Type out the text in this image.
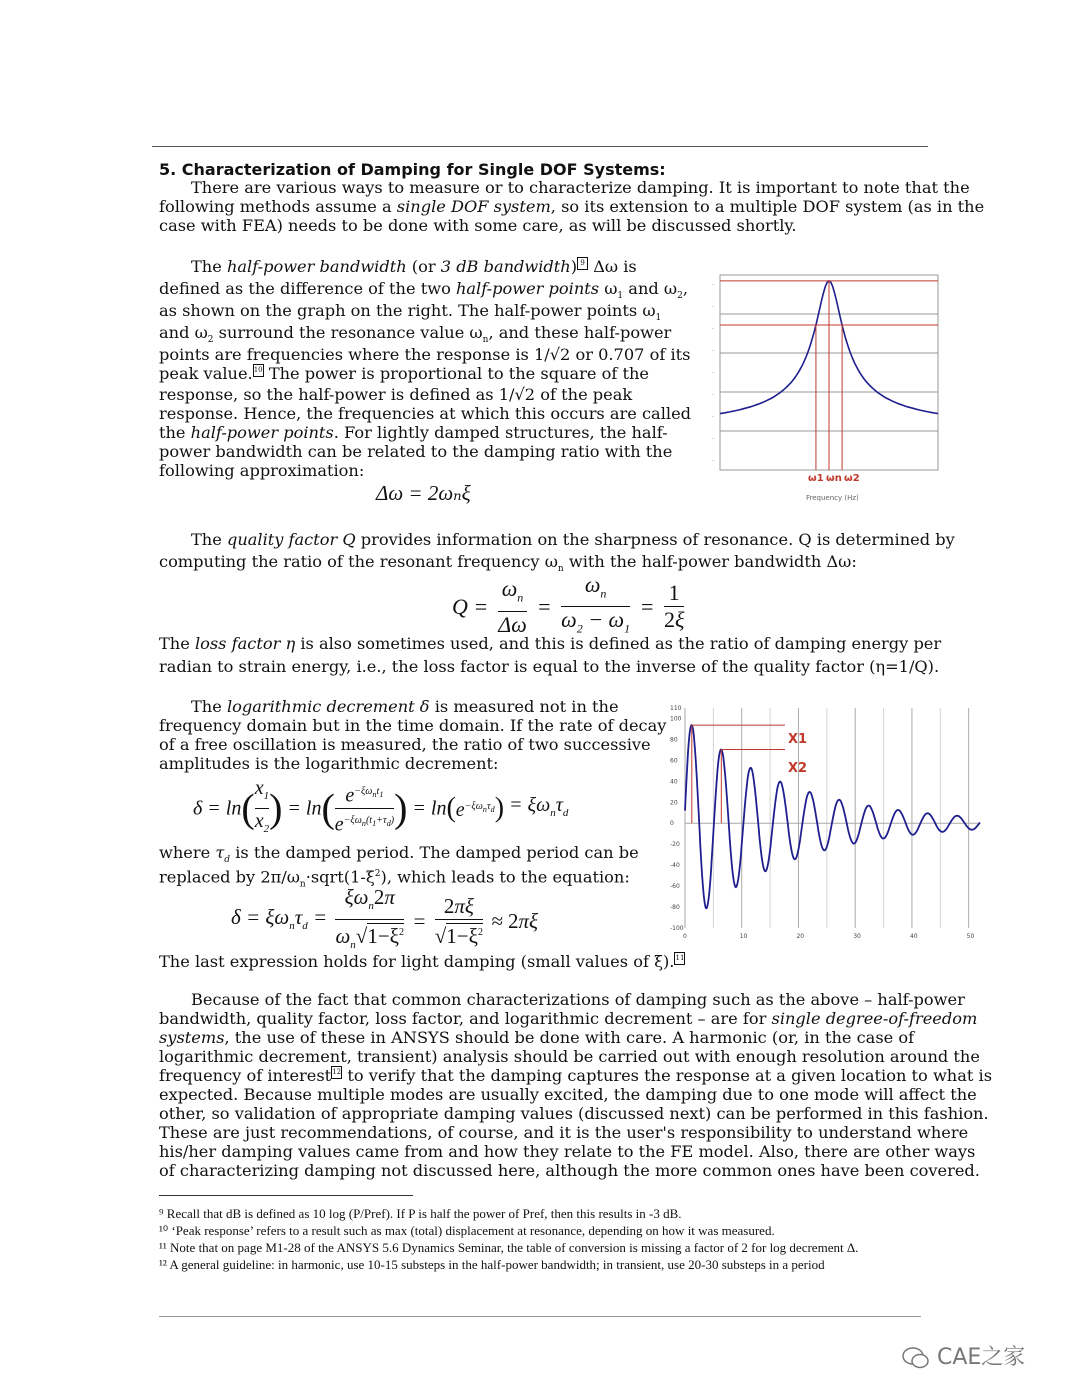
5. Characterization of Damping for Single DOF Systems:
There are various ways to measure or to characterize damping. It is important to note that the
following methods assume a single DOF system, so its extension to a multiple DOF system (as in the
case with FEA) needs to be done with some care, as will be discussed shortly.
The half-power bandwidth (or 3 dB bandwidth) 9 Δω is
defined as the difference of the two half-power points $\omega_1$ and $\omega_2$,
as shown on the graph on the right. The half-power points $\omega_1$
and $\omega_2$ surround the resonance value $\omega_n$, and these half-power
points are frequencies where the response is 1/√2 or 0.707 of its
peak value.10 The power is proportional to the square of the
response, so the half-power is defined as 1/√2 of the peak
response. Hence, the frequencies at which this occurs are called
the half-power points. For lightly damped structures, the half-
power bandwidth can be related to the damping ratio with the
following approximation:
Δω = 2ωₙξ
.
.
.
.
.
.
.
.
.
ω1 ωn ω2
Frequency (Hz)
The quality factor Q provides information on the sharpness of resonance. Q is determined by
computing the ratio of the resonant frequency $\omega_n$ with the half-power bandwidth Δω:
$Q = \frac{\omega_n}{\Delta\omega} = \frac{\omega_n}{\omega_2 - \omega_1} = \frac{1}{2\xi}$
The loss factor η is also sometimes used, and this is defined as the ratio of damping energy per
radian to strain energy, i.e., the loss factor is equal to the inverse of the quality factor (η=1/Q).
The logarithmic decrement δ is measured not in the
frequency domain but in the time domain. If the rate of decay
of a free oscillation is measured, the ratio of two successive
amplitudes is the logarithmic decrement:
$\delta = \ln( \frac{x_1}{x_2}$ ) = ln( $e^{-\xi\omega_nt_1}$
$e^{-\xi\omega_n(t_1+\tau_d)}$ ) = $\ln(e^{-\xi\omega_n\tau_d}) = \xi\omega_n\tau_d$
where $\tau_d$ is the damped period. The damped period can be
replaced by $2\pi/\omega_n\cdot sqrt(1-\xi^2)$, which leads to the equation:
$\delta = \xi\omega_n\tau_d$ =
$\xi\omega_n2\pi$
$\omega_n√1-\xi^2 = \frac{2\pi\xi}{√1-\xi^2} \approx 2\pi\xi$
The last expression holds for light damping (small values of ξ).11
110
100
80
60
40
20
0
-20
-40
-60
-80
-100
0	10	20	30	40	50
X1
X2
Because of the fact that common characterizations of damping such as the above – half-power
bandwidth, quality factor, loss factor, and logarithmic decrement – are for single degree-of-freedom
systems, the use of these in ANSYS should be done with care. A harmonic (or, in the case of
logarithmic decrement, transient) analysis should be carried out with enough resolution around the
frequency of interest12 to verify that the damping captures the response at a given location to what is
expected. Because multiple modes are usually excited, the damping due to one mode will affect the
other, so validation of appropriate damping values (discussed next) can be performed in this fashion.
These are just recommendations, of course, and it is the user's responsibility to understand where
his/her damping values came from and how they relate to the FE model. Also, there are other ways
of characterizing damping not discussed here, although the more common ones have been covered.
⁹ Recall that dB is defined as 10 log (P/Pref). If P is half the power of Pref, then this results in -3 dB.
¹⁰ ‘Peak response’ refers to a result such as max (total) displacement at resonance, depending on how it was measured.
¹¹ Note that on page M1-28 of the ANSYS 5.6 Dynamics Seminar, the table of conversion is missing a factor of 2 for log decrement Δ.
¹² A general guideline: in harmonic, use 10-15 substeps in the half-power bandwidth; in transient, use 20-30 substeps in a period
CAE之家
